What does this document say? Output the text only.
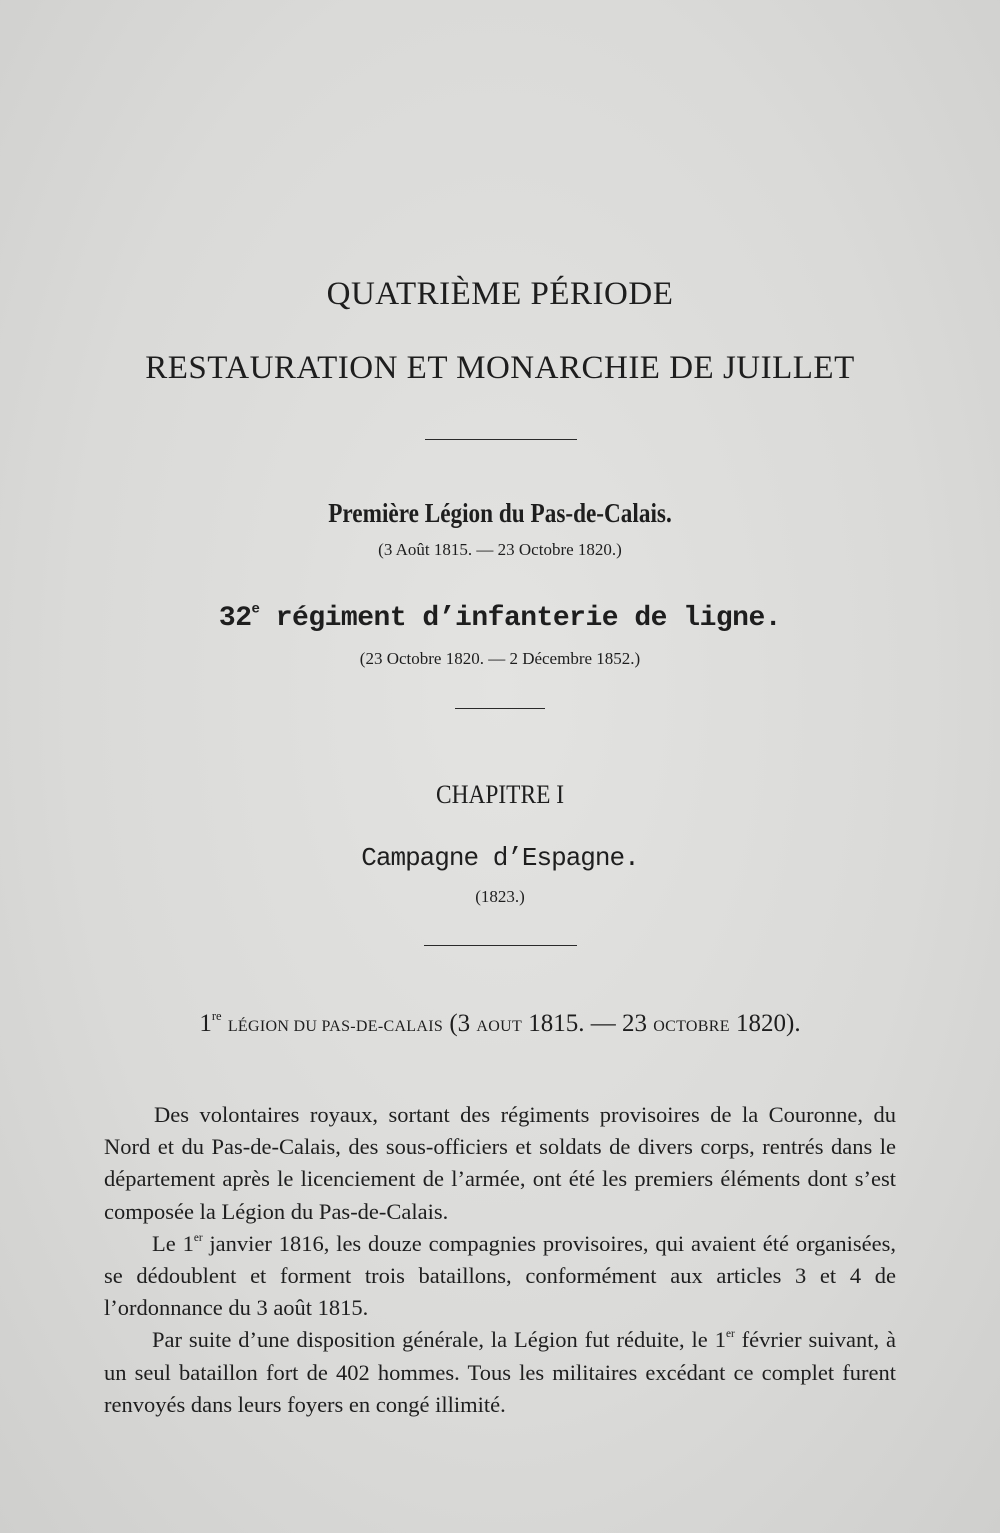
QUATRIÈME PÉRIODE
RESTAURATION ET MONARCHIE DE JUILLET
Première Légion du Pas-de-Calais.
(3 Août 1815. — 23 Octobre 1820.)
32e régiment d’infanterie de ligne.
(23 Octobre 1820. — 2 Décembre 1852.)
CHAPITRE I
Campagne d’Espagne.
(1823.)
1re LÉGION DU PAS-DE-CALAIS (3 AOUT 1815. — 23 OCTOBRE 1820).

Des volontaires royaux, sortant des régiments provisoires de la Couronne, du Nord et du Pas-de-Calais, des sous-officiers et soldats de divers corps, rentrés dans le département après le licenciement de l’armée, ont été les premiers éléments dont s’est composée la Légion du Pas-de-Calais.

Le 1er janvier 1816, les douze compagnies provisoires, qui avaient été organisées, se dédoublent et forment trois bataillons, conformément aux articles 3 et 4 de l’ordonnance du 3 août 1815.

Par suite d’une disposition générale, la Légion fut réduite, le 1er février suivant, à un seul bataillon fort de 402 hommes. Tous les militaires excédant ce complet furent renvoyés dans leurs foyers en congé illimité.
